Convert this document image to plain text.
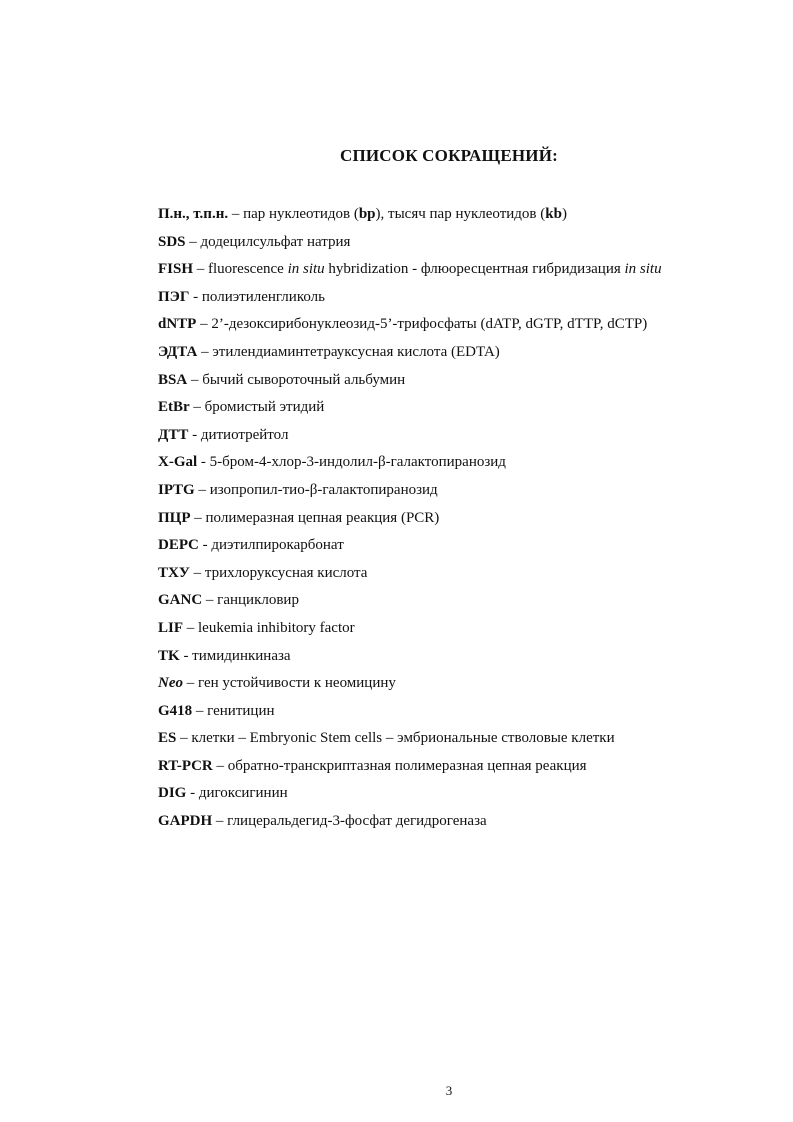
СПИСОК СОКРАЩЕНИЙ:
П.н., т.п.н. – пар нуклеотидов (bp), тысяч пар нуклеотидов (kb)
SDS – додецилсульфат натрия
FISH – fluorescence in situ hybridization - флюоресцентная гибридизация in situ
ПЭГ - полиэтиленгликоль
dNTP – 2’-дезоксирибонуклеозид-5’-трифосфаты (dATP, dGTP, dTTP, dCTP)
ЭДТА – этилендиаминтетрауксусная кислота (EDTA)
BSA – бычий сывороточный альбумин
EtBr – бромистый этидий
ДТТ - дитиотрейтол
X-Gal - 5-бром-4-хлор-3-индолил-β-галактопиранозид
IPTG – изопропил-тио-β-галактопиранозид
ПЦР – полимеразная цепная реакция (PCR)
DEPC - диэтилпирокарбонат
ТХУ – трихлоруксусная кислота
GANC – ганцикловир
LIF – leukemia inhibitory factor
TK - тимидинкиназа
Neo – ген устойчивости к неомицину
G418 – генитицин
ES – клетки – Embryonic Stem cells – эмбриональные стволовые клетки
RT-PCR – обратно-транскриптазная полимеразная цепная реакция
DIG - дигоксигинин
GAPDH – глицеральдегид-3-фосфат дегидрогеназа
3
